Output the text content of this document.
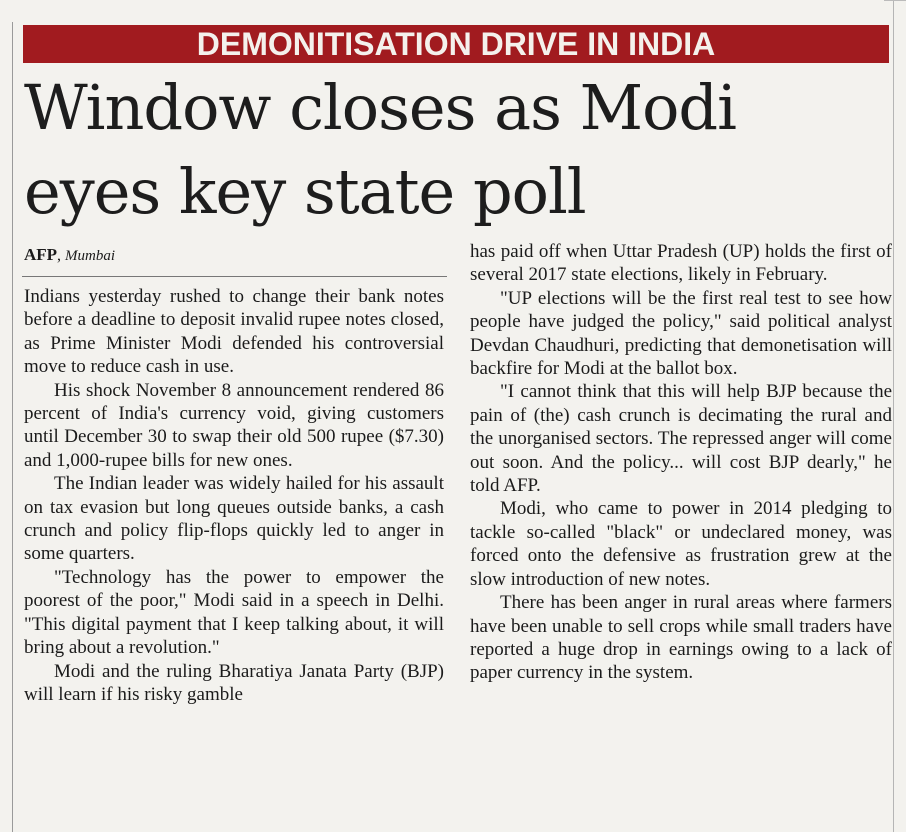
DEMONITISATION DRIVE IN INDIA
Window closes as Modi
eyes key state poll
AFP, Mumbai

Indians yesterday rushed to change their bank notes before a deadline to deposit invalid rupee notes closed, as Prime Minister Modi defended his controversial move to reduce cash in use.

His shock November 8 announcement rendered 86 percent of India's currency void, giving customers until December 30 to swap their old 500 rupee ($7.30) and 1,000-rupee bills for new ones.

The Indian leader was widely hailed for his assault on tax evasion but long queues outside banks, a cash crunch and policy flip-flops quickly led to anger in some quarters.

"Technology has the power to empower the poorest of the poor," Modi said in a speech in Delhi. "This digital payment that I keep talking about, it will bring about a revolution."

Modi and the ruling Bharatiya Janata Party (BJP) will learn if his risky gamble

has paid off when Uttar Pradesh (UP) holds the first of several 2017 state elections, likely in February.

"UP elections will be the first real test to see how people have judged the policy," said political analyst Devdan Chaudhuri, predicting that demonetisation will backfire for Modi at the ballot box.

"I cannot think that this will help BJP because the pain of (the) cash crunch is decimating the rural and the unorganised sectors. The repressed anger will come out soon. And the policy... will cost BJP dearly," he told AFP.

Modi, who came to power in 2014 pledging to tackle so-called "black" or undeclared money, was forced onto the defensive as frustration grew at the slow introduction of new notes.

There has been anger in rural areas where farmers have been unable to sell crops while small traders have reported a huge drop in earnings owing to a lack of paper currency in the system.
